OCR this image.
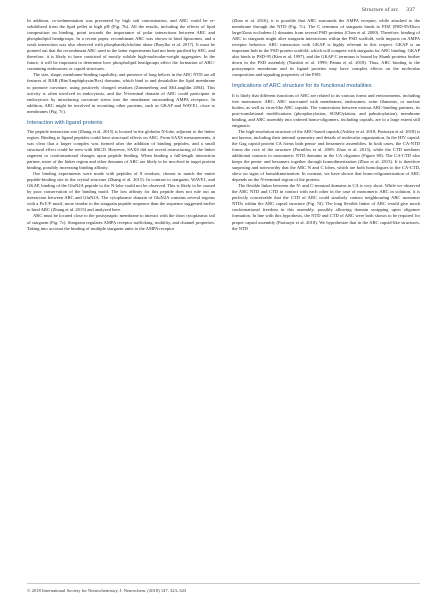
Structure of arc 337

In addition, co-sedimentation was prevented by high salt concentration, and ARC could be re-solubilized from the lipid pellet at high pH (Fig. 7b). All the results, including the effects of lipid composition on binding, point towards the importance of polar interactions between ARC and phospholipid headgroups. In a recent paper, recombinant ARC was shown to bind liposomes, and a weak interaction was also observed with phosphatidylcholine alone (Barylko et al. 2017). It must be pointed out that the recombinant ARC used in the latter experiments had not been purified by SEC, and therefore, it is likely to have consisted of mostly soluble high-molecular-weight aggregates. In the future, it will be important to determine how phospholipid headgroups affect the formation of ARC-containing endosomes or capsid structures.

The size, shape, membrane-binding capability, and presence of long helices in the ARC NTD are all features of BAR (Bin/Amphiphysin/Rvs) domains, which bind to and destabilize the lipid membrane to promote curvature, using positively charged residues (Zimmerberg and McLaughlin 2004). This activity is often involved in endocytosis, and the N-terminal domain of ARC could participate in endocytosis by introducing curvature stress into the membrane surrounding AMPA receptors. In addition, ARC might be involved in recruiting other proteins, such as GKAP and WAVE1, close to membranes (Fig. 7c).

Interaction with ligand proteins

The peptide interaction site (Zhang et al. 2015) is located in the globular N-lobe, adjacent to the linker region. Binding to ligand peptides could have structural effects on ARC. From SAXS measurements, it was clear that a larger complex was formed after the addition of binding peptides, and a small structural effect could be seen with SRCD. However, SAXS did not reveal restructuring of the linker segment or conformational changes upon peptide binding. When binding a full-length interaction partner, more of the linker region and other domains of ARC are likely to be involved in target protein binding, possibly increasing binding affinity.

Our binding experiments were made with peptides of 8 residues, chosen to match the entire peptide-binding site in the crystal structure (Zhang et al. 2015). In contrast to stargazin, WAVE1, and GKAP, binding of the GluN2A peptide to the N-lobe could not be observed. This is likely to be caused by poor conservation of the binding motif. The low affinity for this peptide does not rule out an interaction between ARC and GluN2A. The cytoplasmic domain of GluN2A contains several regions with a PxY/F motif, more similar to the stargazin peptide sequence than the sequence suggested earlier to bind ARC (Zhang et al. 2015) and analyzed here.

ARC must be located close to the postsynaptic membrane to interact with the short cytoplasmic tail of stargazin (Fig. 7c). Stargazin regulates AMPA receptor trafficking, mobility, and channel properties. Taking into account the binding of multiple stargazin units to the AMPA receptor

(Zhao et al. 2016), it is possible that ARC surrounds the AMPA receptor, while attached to the membrane through the NTD (Fig. 7c). The C terminus of stargazin binds to PDZ (PSD-95/Discs large/Zona occludens-1) domains from several PSD proteins (Chen et al. 2000). Therefore, binding of ARC to stargazin might alter stargazin interactions within the PSD scaffold, with impacts on AMPA receptor behavior. ARC interaction with GKAP is highly relevant in this respect. GKAP is an important hub in the PSD protein scaffold, which will compete with stargazin for ARC binding. GKAP also binds to PSD-95 (Kim et al. 1997), and the GKAP C terminus is bound by Shank proteins further down in the PSD assembly (Naisbitt et al. 1999; Panna et al. 2018). Thus, ARC binding to the postsynaptic membrane and its ligand proteins may have complex effects on the molecular composition and signaling properties of the PSD.

Implications of ARC structure for its functional modalities

It is likely that different functions of ARC are related to its various forms and environments, including free monomeric ARC, ARC associated with membranes, endosomes, actin filaments, or nuclear bodies, as well as virus-like ARC capsids. The connections between various ARC-binding partners, its post-translational modifications (phosphorylation, SUMOylation, and palmitoylation), membrane binding, and ARC assembly into ordered homo-oligomers, including capsids, are to a large extent still enigmatic.

The high-resolution structure of the ARC-based capsids (Ashley et al. 2018; Pastuzyn et al. 2018) is not known, including their internal symmetry and details of molecular organization. In the HIV capsid, the Gag capsid protein CA forms both penta- and hexameric assemblies. In both cases, the CA-NTD forms the core of the structure (Pornillos et al. 2009; Zhao et al. 2013), while the CTD mediates additional contacts to monomeric NTD domains in the CA oligomer (Figure S8). The CA-CTD also keeps the penta- and hexamers together through homodimerization (Zhao et al. 2013). It is therefore surprising and noteworthy that the ARC N and C lobes, which are both homologues to the CA-CTD, show no signs of homodimerization. In contrast, we have shown that homo-oligomerization of ARC depends on the N-terminal region of the protein.

The flexible linker between the N- and C-terminal domains in CA is very short. While we observed the ARC NTD and CTD in contact with each other in the case of monomeric ARC in solution, it is perfectly conceivable that the CTD of ARC could similarly contact neighbouring ARC monomer NTDs within the ARC capsid structure (Fig. 7d). The long flexible linker of ARC would give much conformational freedom in this assembly, possibly allowing domain swapping upon oligomer formation. In line with this hypothesis, the NTD and CTD of ARC were both shown to be required for proper capsid assembly (Pastuzyn et al. 2018). We hypothesize that in the ARC capsid-like structures, the NTD

© 2018 International Society for Neurochemistry, J. Neurochem. (2018) 147, 323–343
